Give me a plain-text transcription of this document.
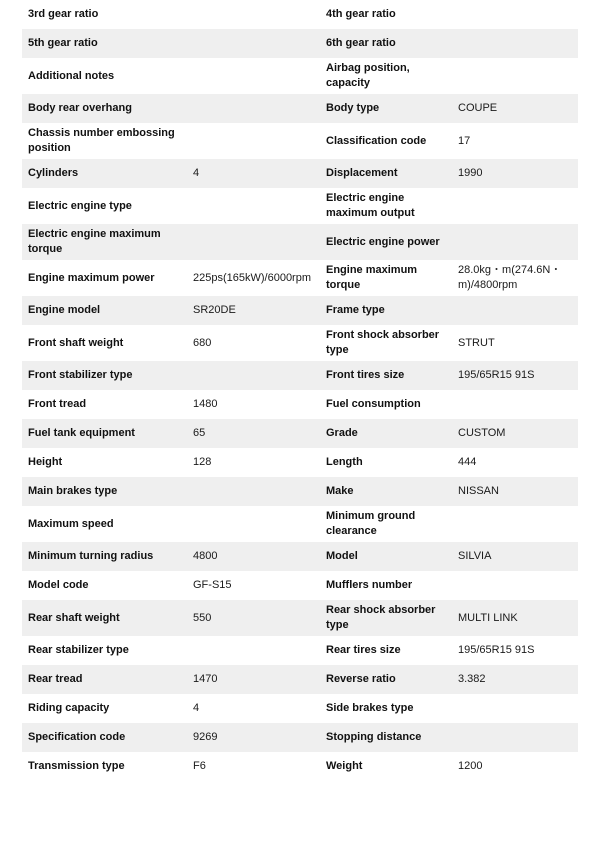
3rd gear ratio		4th gear ratio	
5th gear ratio		6th gear ratio	
Additional notes		Airbag position, capacity	
Body rear overhang		Body type	COUPE
Chassis number embossing position		Classification code	17
Cylinders	4	Displacement	1990
Electric engine type		Electric engine maximum output	
Electric engine maximum torque		Electric engine power	
Engine maximum power	225ps(165kW)/6000rpm	Engine maximum torque	28.0kg・m(274.6N・m)/4800rpm
Engine model	SR20DE	Frame type	
Front shaft weight	680	Front shock absorber type	STRUT
Front stabilizer type		Front tires size	195/65R15 91S
Front tread	1480	Fuel consumption	
Fuel tank equipment	65	Grade	CUSTOM
Height	128	Length	444
Main brakes type		Make	NISSAN
Maximum speed		Minimum ground clearance	
Minimum turning radius	4800	Model	SILVIA
Model code	GF-S15	Mufflers number	
Rear shaft weight	550	Rear shock absorber type	MULTI LINK
Rear stabilizer type		Rear tires size	195/65R15 91S
Rear tread	1470	Reverse ratio	3.382
Riding capacity	4	Side brakes type	
Specification code	9269	Stopping distance	
Transmission type	F6	Weight	1200
